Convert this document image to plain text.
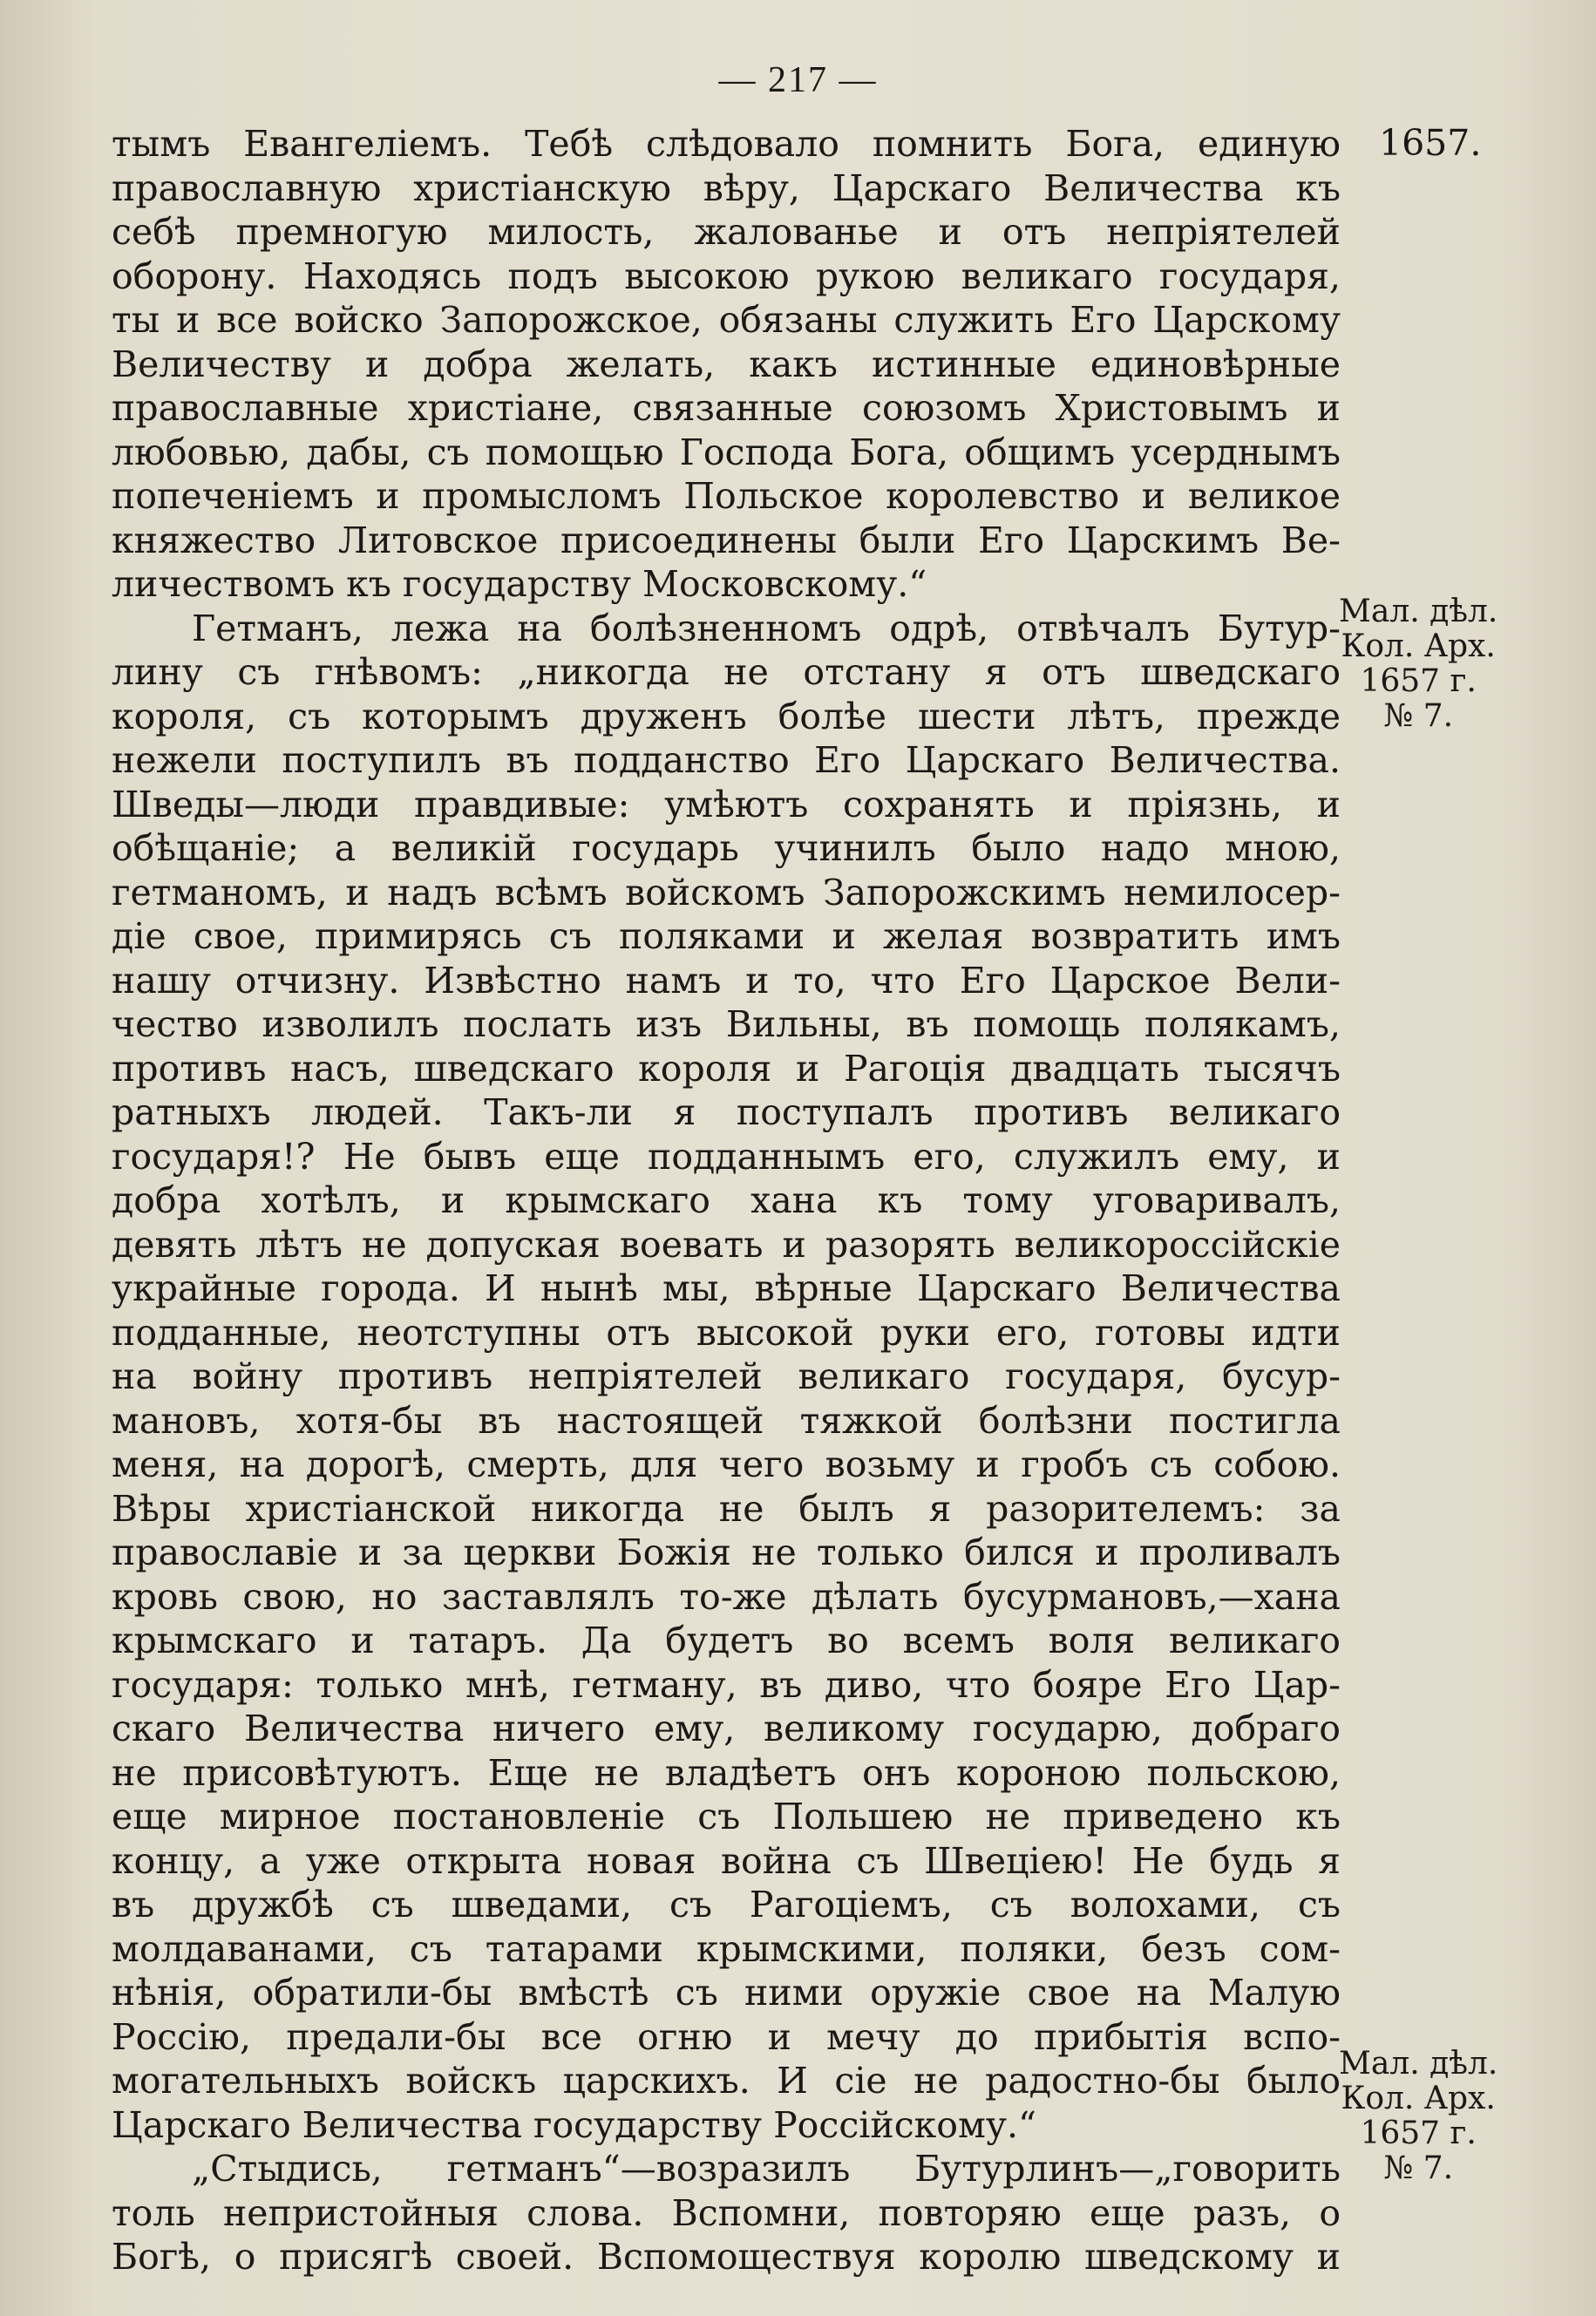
— 217 —
1657.
тымъ Евангеліемъ. Тебѣ слѣдовало помнить Бога, единую
православную христіанскую вѣру, Царскаго Величества къ
себѣ премногую милость, жалованье и отъ непріятелей
оборону. Находясь подъ высокою рукою великаго государя,
ты и все войско Запорожское, обязаны служить Его Царскому
Величеству и добра желать, какъ истинные единовѣрные
православные христіане, связанные союзомъ Христовымъ и
любовью, дабы, съ помощью Господа Бога, общимъ усерднымъ
попеченіемъ и промысломъ Польское королевство и великое
княжество Литовское присоединены были Его Царскимъ Ве-
личествомъ къ государству Московскому.“
Гетманъ, лежа на болѣзненномъ одрѣ, отвѣчалъ Бутур-
лину съ гнѣвомъ: „никогда не отстану я отъ шведскаго
короля, съ которымъ друженъ болѣе шести лѣтъ, прежде
нежели поступилъ въ подданство Его Царскаго Величества.
Шведы—люди правдивые: умѣютъ сохранять и пріязнь, и
обѣщаніе; а великій государь учинилъ было надо мною,
гетманомъ, и надъ всѣмъ войскомъ Запорожскимъ немилосер-
діе свое, примирясь съ поляками и желая возвратить имъ
нашу отчизну. Извѣстно намъ и то, что Его Царское Вели-
чество изволилъ послать изъ Вильны, въ помощь полякамъ,
противъ насъ, шведскаго короля и Рагоція двадцать тысячъ
ратныхъ людей. Такъ-ли я поступалъ противъ великаго
государя!? Не бывъ еще подданнымъ его, служилъ ему, и
добра хотѣлъ, и крымскаго хана къ тому уговаривалъ,
девять лѣтъ не допуская воевать и разорять великороссійскіе
украйные города. И нынѣ мы, вѣрные Царскаго Величества
подданные, неотступны отъ высокой руки его, готовы идти
на войну противъ непріятелей великаго государя, бусур-
мановъ, хотя-бы въ настоящей тяжкой болѣзни постигла
меня, на дорогѣ, смерть, для чего возьму и гробъ съ собою.
Вѣры христіанской никогда не былъ я разорителемъ: за
православіе и за церкви Божія не только бился и проливалъ
кровь свою, но заставлялъ то-же дѣлать бусурмановъ,—хана
крымскаго и татаръ. Да будетъ во всемъ воля великаго
государя: только мнѣ, гетману, въ диво, что бояре Его Цар-
скаго Величества ничего ему, великому государю, добраго
не присовѣтуютъ. Еще не владѣетъ онъ короною польскою,
еще мирное постановленіе съ Польшею не приведено къ
концу, а уже открыта новая война съ Швеціею! Не будь я
въ дружбѣ съ шведами, съ Рагоціемъ, съ волохами, съ
молдаванами, съ татарами крымскими, поляки, безъ сом-
нѣнія, обратили-бы вмѣстѣ съ ними оружіе свое на Малую
Россію, предали-бы все огню и мечу до прибытія вспо-
могательныхъ войскъ царскихъ. И сіе не радостно-бы было
Царскаго Величества государству Россійскому.“
„Стыдись, гетманъ“—возразилъ Бутурлинъ—„говорить
толь непристойныя слова. Вспомни, повторяю еще разъ, о
Богѣ, о присягѣ своей. Вспомоществуя королю шведскому и
Мал. дѣл.
Кол. Арх.
1657 г.
№ 7.
Мал. дѣл.
Кол. Арх.
1657 г.
№ 7.
